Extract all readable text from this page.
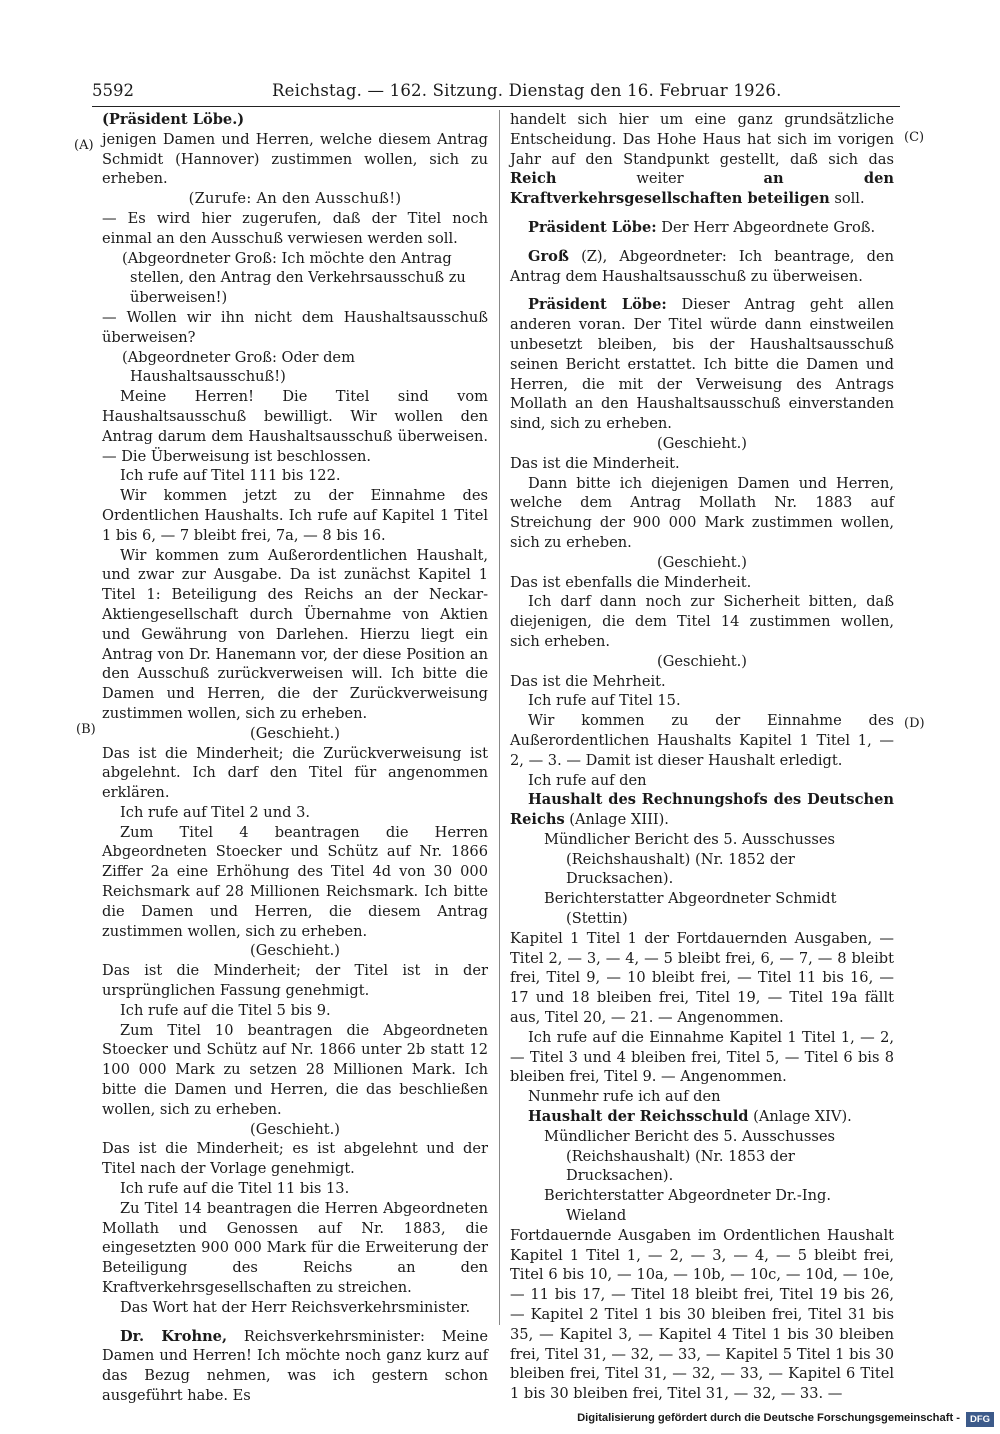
5592	Reichstag. — 162. Sitzung. Dienstag den 16. Februar 1926.
(A)
(B)
(C)
(D)

(Präsident Löbe.)

jenigen Damen und Herren, welche diesem Antrag Schmidt (Hannover) zustimmen wollen, sich zu erheben.

(Zurufe: An den Ausschuß!)

— Es wird hier zugerufen, daß der Titel noch einmal an den Ausschuß verwiesen werden soll.

(Abgeordneter Groß: Ich möchte den Antrag stellen, den Antrag den Verkehrsausschuß zu überweisen!)

— Wollen wir ihn nicht dem Haushaltsausschuß überweisen?

(Abgeordneter Groß: Oder dem Haushaltsausschuß!)

Meine Herren! Die Titel sind vom Haushaltsausschuß bewilligt. Wir wollen den Antrag darum dem Haushaltsausschuß überweisen. — Die Überweisung ist beschlossen.

Ich rufe auf Titel 111 bis 122.

Wir kommen jetzt zu der Einnahme des Ordentlichen Haushalts. Ich rufe auf Kapitel 1 Titel 1 bis 6, — 7 bleibt frei, 7a, — 8 bis 16.

Wir kommen zum Außerordentlichen Haushalt, und zwar zur Ausgabe. Da ist zunächst Kapitel 1 Titel 1: Beteiligung des Reichs an der Neckar-Aktiengesellschaft durch Übernahme von Aktien und Gewährung von Darlehen. Hierzu liegt ein Antrag von Dr. Hanemann vor, der diese Position an den Ausschuß zurückverweisen will. Ich bitte die Damen und Herren, die der Zurückverweisung zustimmen wollen, sich zu erheben.

(Geschieht.)

Das ist die Minderheit; die Zurückverweisung ist abgelehnt. Ich darf den Titel für angenommen erklären.

Ich rufe auf Titel 2 und 3.

Zum Titel 4 beantragen die Herren Abgeordneten Stoecker und Schütz auf Nr. 1866 Ziffer 2a eine Erhöhung des Titel 4d von 30 000 Reichsmark auf 28 Millionen Reichsmark. Ich bitte die Damen und Herren, die diesem Antrag zustimmen wollen, sich zu erheben.

(Geschieht.)

Das ist die Minderheit; der Titel ist in der ursprünglichen Fassung genehmigt.

Ich rufe auf die Titel 5 bis 9.

Zum Titel 10 beantragen die Abgeordneten Stoecker und Schütz auf Nr. 1866 unter 2b statt 12 100 000 Mark zu setzen 28 Millionen Mark. Ich bitte die Damen und Herren, die das beschließen wollen, sich zu erheben.

(Geschieht.)

Das ist die Minderheit; es ist abgelehnt und der Titel nach der Vorlage genehmigt.

Ich rufe auf die Titel 11 bis 13.

Zu Titel 14 beantragen die Herren Abgeordneten Mollath und Genossen auf Nr. 1883, die eingesetzten 900 000 Mark für die Erweiterung der Beteiligung des Reichs an den Kraftverkehrsgesellschaften zu streichen.

Das Wort hat der Herr Reichsverkehrsminister.

Dr. Krohne, Reichsverkehrsminister: Meine Damen und Herren! Ich möchte noch ganz kurz auf das Bezug nehmen, was ich gestern schon ausgeführt habe. Es

handelt sich hier um eine ganz grundsätzliche Entscheidung. Das Hohe Haus hat sich im vorigen Jahr auf den Standpunkt gestellt, daß sich das Reich weiter an den Kraftverkehrsgesellschaften beteiligen soll.

Präsident Löbe: Der Herr Abgeordnete Groß.

Groß (Z), Abgeordneter: Ich beantrage, den Antrag dem Haushaltsausschuß zu überweisen.

Präsident Löbe: Dieser Antrag geht allen anderen voran. Der Titel würde dann einstweilen unbesetzt bleiben, bis der Haushaltsausschuß seinen Bericht erstattet. Ich bitte die Damen und Herren, die mit der Verweisung des Antrags Mollath an den Haushaltsausschuß einverstanden sind, sich zu erheben.

(Geschieht.)

Das ist die Minderheit.

Dann bitte ich diejenigen Damen und Herren, welche dem Antrag Mollath Nr. 1883 auf Streichung der 900 000 Mark zustimmen wollen, sich zu erheben.

(Geschieht.)

Das ist ebenfalls die Minderheit.

Ich darf dann noch zur Sicherheit bitten, daß diejenigen, die dem Titel 14 zustimmen wollen, sich erheben.

(Geschieht.)

Das ist die Mehrheit.

Ich rufe auf Titel 15.

Wir kommen zu der Einnahme des Außerordentlichen Haushalts Kapitel 1 Titel 1, — 2, — 3. — Damit ist dieser Haushalt erledigt.

Ich rufe auf den

Haushalt des Rechnungshofs des Deutschen Reichs (Anlage XIII).

Mündlicher Bericht des 5. Ausschusses (Reichshaushalt) (Nr. 1852 der Drucksachen).

Berichterstatter Abgeordneter Schmidt (Stettin)

Kapitel 1 Titel 1 der Fortdauernden Ausgaben, — Titel 2, — 3, — 4, — 5 bleibt frei, 6, — 7, — 8 bleibt frei, Titel 9, — 10 bleibt frei, — Titel 11 bis 16, — 17 und 18 bleiben frei, Titel 19, — Titel 19a fällt aus, Titel 20, — 21. — Angenommen.

Ich rufe auf die Einnahme Kapitel 1 Titel 1, — 2, — Titel 3 und 4 bleiben frei, Titel 5, — Titel 6 bis 8 bleiben frei, Titel 9. — Angenommen.

Nunmehr rufe ich auf den

Haushalt der Reichsschuld (Anlage XIV).

Mündlicher Bericht des 5. Ausschusses (Reichshaushalt) (Nr. 1853 der Drucksachen).

Berichterstatter Abgeordneter Dr.-Ing. Wieland

Fortdauernde Ausgaben im Ordentlichen Haushalt Kapitel 1 Titel 1, — 2, — 3, — 4, — 5 bleibt frei, Titel 6 bis 10, — 10a, — 10b, — 10c, — 10d, — 10e, — 11 bis 17, — Titel 18 bleibt frei, Titel 19 bis 26, — Kapitel 2 Titel 1 bis 30 bleiben frei, Titel 31 bis 35, — Kapitel 3, — Kapitel 4 Titel 1 bis 30 bleiben frei, Titel 31, — 32, — 33, — Kapitel 5 Titel 1 bis 30 bleiben frei, Titel 31, — 32, — 33, — Kapitel 6 Titel 1 bis 30 bleiben frei, Titel 31, — 32, — 33. —

Digitalisierung gefördert durch die Deutsche Forschungsgemeinschaft -	DFG
